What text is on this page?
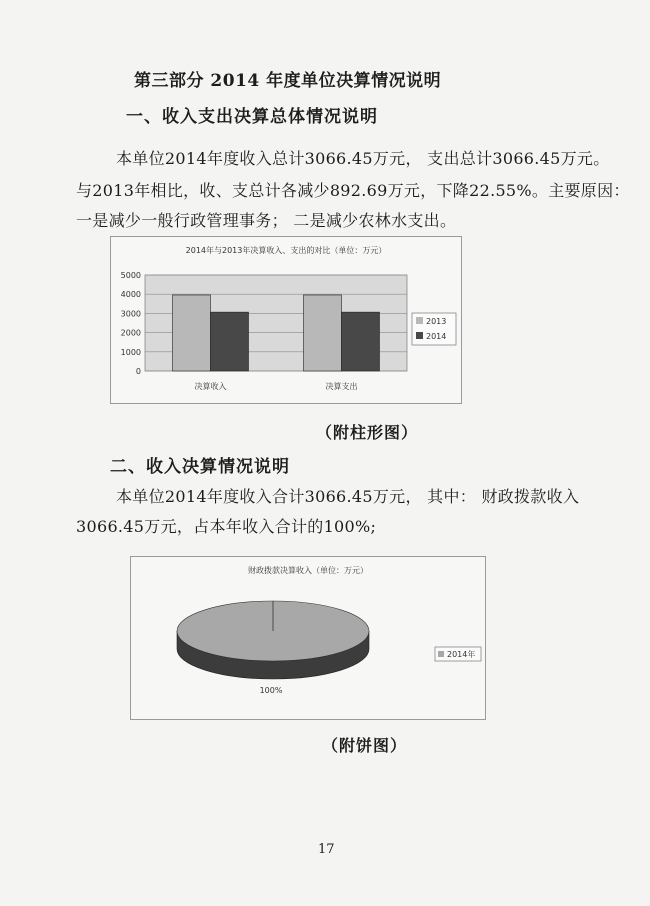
第三部分 2014 年度单位决算情况说明
一、收入支出决算总体情况说明
本单位2014年度收入总计3066.45万元， 支出总计3066.45万元。
与2013年相比，收、支总计各减少892.69万元，下降22.55%。主要原因：
一是减少一般行政管理事务； 二是减少农林水支出。
2014年与2013年决算收入、支出的对比（单位：万元）
0
1000
2000
3000
4000
5000
决算收入	决算支出
2013
2014
（附柱形图）
二、收入决算情况说明
本单位2014年度收入合计3066.45万元， 其中： 财政拨款收入
3066.45万元，占本年收入合计的100%;
财政拨款决算收入（单位：万元）
100%
2014年
（附饼图）
17
